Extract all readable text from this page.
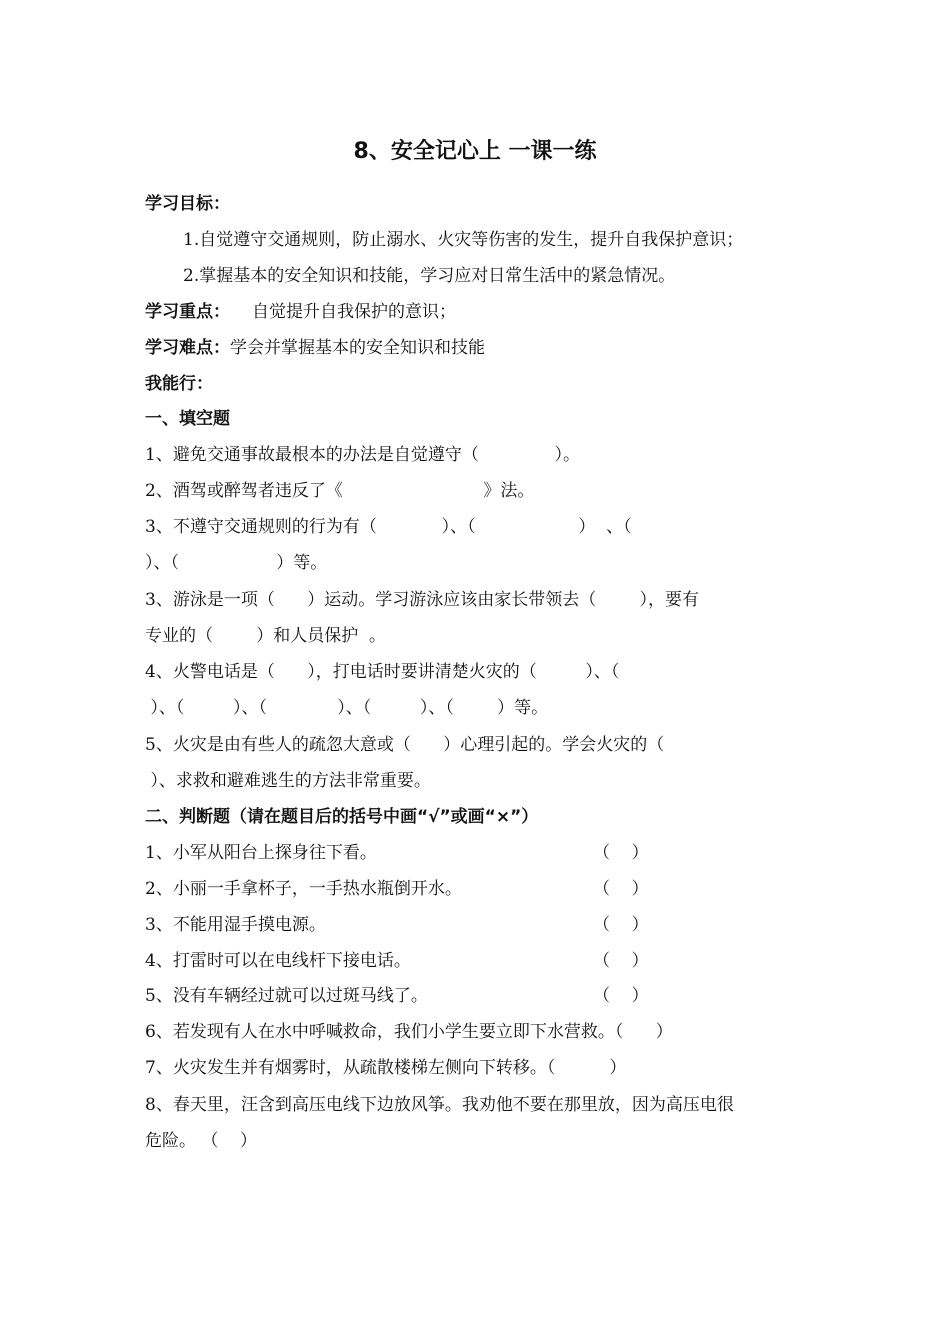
8、安全记心上 一课一练
学习目标：
1.自觉遵守交通规则，防止溺水、火灾等伤害的发生，提升自我保护意识；
2.掌握基本的安全知识和技能，学习应对日常生活中的紧急情况。
学习重点： 自觉提升自我保护的意识；
学习难点：学会并掌握基本的安全知识和技能
我能行：
一、填空题
1、避免交通事故最根本的办法是自觉遵守（              ）。
2、酒驾或醉驾者违反了《                          》法。
3、不遵守交通规则的行为有（            ）、（                   ）  、（
）、（                  ）等。
3、游泳是一项（      ）运动。学习游泳应该由家长带领去（        ），要有
专业的（        ）和人员保护  。
4、火警电话是（      ），打电话时要讲清楚火灾的（         ）、（
）、（         ）、（             ）、（         ）、（        ）等。
5、火灾是由有些人的疏忽大意或（      ）心理引起的。学会火灾的（
）、求救和避难逃生的方法非常重要。
二、判断题（请在题目后的括号中画“√”或画“×”）
1、小军从阳台上探身往下看。	（    ）
2、小丽一手拿杯子，一手热水瓶倒开水。	（    ）
3、不能用湿手摸电源。	（    ）
4、打雷时可以在电线杆下接电话。	（    ）
5、没有车辆经过就可以过斑马线了。	（    ）
6、若发现有人在水中呼喊救命，我们小学生要立即下水营救。（      ）
7、火灾发生并有烟雾时，从疏散楼梯左侧向下转移。（          ）
8、春天里，汪含到高压电线下边放风筝。我劝他不要在那里放，因为高压电很
危险。 （    ）
